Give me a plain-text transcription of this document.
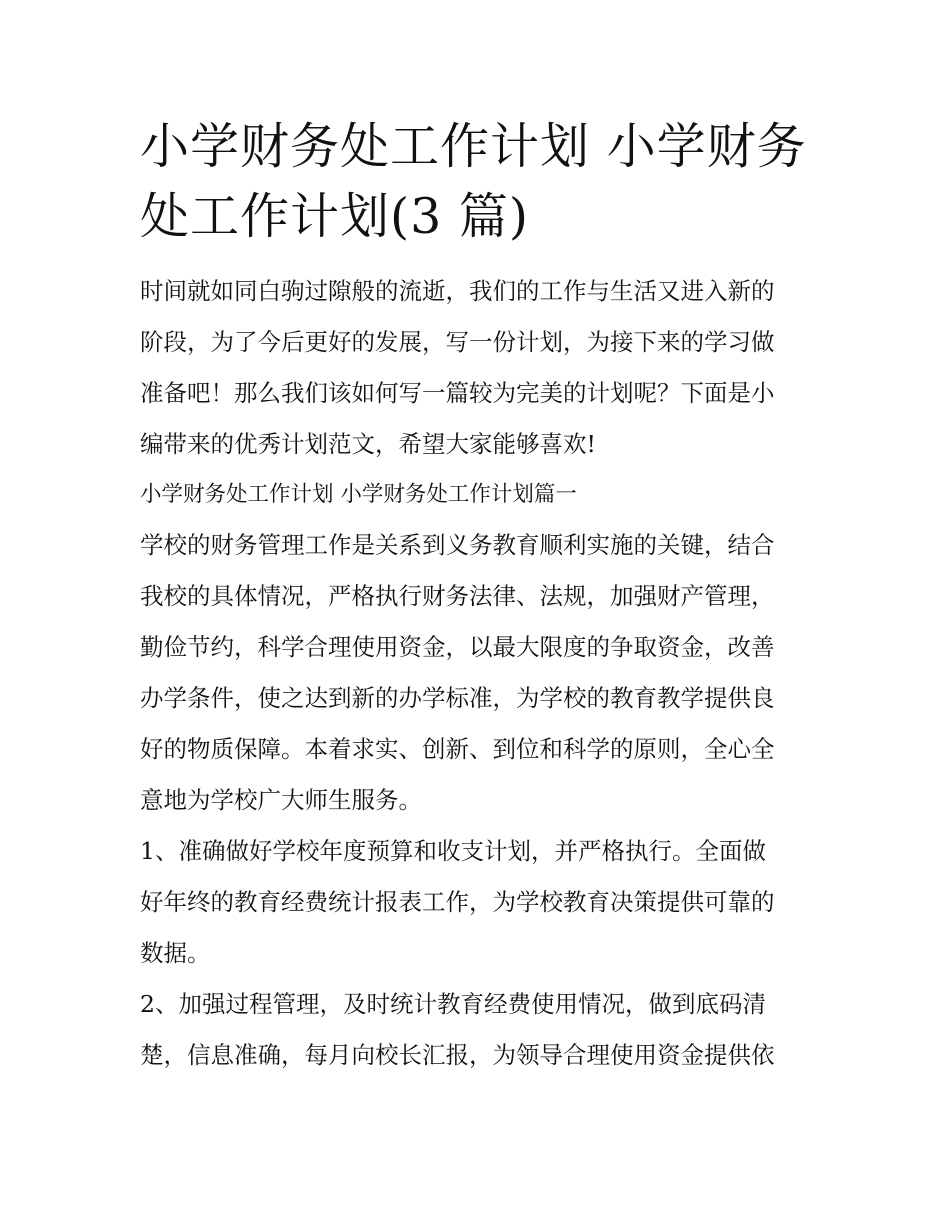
小学财务处工作计划 小学财务
处工作计划(3 篇)

时间就如同白驹过隙般的流逝，我们的工作与生活又进入新的
阶段，为了今后更好的发展，写一份计划，为接下来的学习做
准备吧！那么我们该如何写一篇较为完美的计划呢？下面是小
编带来的优秀计划范文，希望大家能够喜欢!

小学财务处工作计划 小学财务处工作计划篇一

学校的财务管理工作是关系到义务教育顺利实施的关键，结合
我校的具体情况，严格执行财务法律、法规，加强财产管理，
勤俭节约，科学合理使用资金，以最大限度的争取资金，改善
办学条件，使之达到新的办学标准，为学校的教育教学提供良
好的物质保障。本着求实、创新、到位和科学的原则，全心全
意地为学校广大师生服务。

1、准确做好学校年度预算和收支计划，并严格执行。全面做
好年终的教育经费统计报表工作，为学校教育决策提供可靠的
数据。

2、加强过程管理，及时统计教育经费使用情况，做到底码清
楚，信息准确，每月向校长汇报，为领导合理使用资金提供依
